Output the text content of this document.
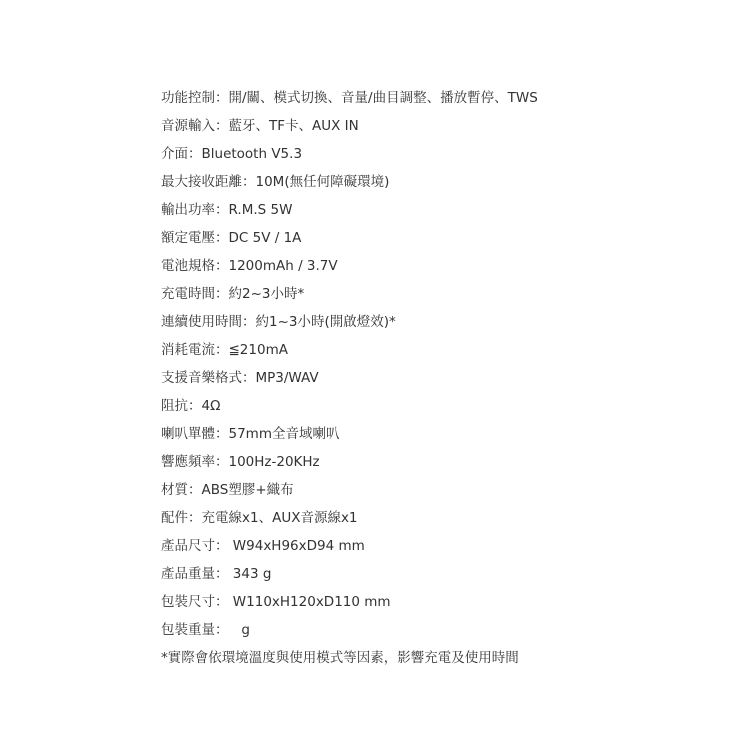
功能控制：開/關、模式切換、音量/曲目調整、播放暫停、TWS
音源輸入：藍牙、TF卡、AUX IN
介面：Bluetooth V5.3
最大接收距離：10M(無任何障礙環境)
輸出功率：R.M.S 5W
額定電壓：DC 5V / 1A
電池規格：1200mAh / 3.7V
充電時間：約2~3小時*
連續使用時間：約1~3小時(開啟燈效)*
消耗電流：≦210mA
支援音樂格式：MP3/WAV
阻抗：4Ω
喇叭單體：57mm全音域喇叭
響應頻率：100Hz-20KHz
材質：ABS塑膠+織布
配件：充電線x1、AUX音源線x1
產品尺寸： W94xH96xD94 mm
產品重量： 343 g
包裝尺寸： W110xH120xD110 mm
包裝重量：   g
*實際會依環境溫度與使用模式等因素，影響充電及使用時間
